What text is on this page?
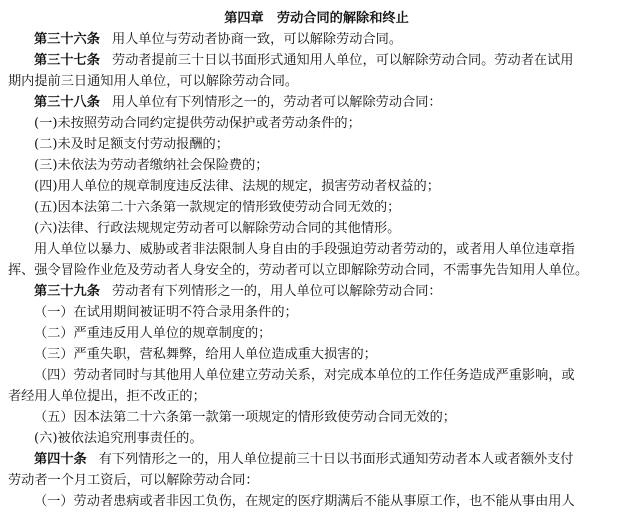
第四章　劳动合同的解除和终止
第三十六条 用人单位与劳动者协商一致，可以解除劳动合同。
第三十七条 劳动者提前三十日以书面形式通知用人单位，可以解除劳动合同。劳动者在试用
期内提前三日通知用人单位，可以解除劳动合同。
第三十八条 用人单位有下列情形之一的，劳动者可以解除劳动合同：
(一)未按照劳动合同约定提供劳动保护或者劳动条件的；
(二)未及时足额支付劳动报酬的；
(三)未依法为劳动者缴纳社会保险费的；
(四)用人单位的规章制度违反法律、法规的规定，损害劳动者权益的；
(五)因本法第二十六条第一款规定的情形致使劳动合同无效的；
(六)法律、行政法规规定劳动者可以解除劳动合同的其他情形。
用人单位以暴力、威胁或者非法限制人身自由的手段强迫劳动者劳动的，或者用人单位违章指
挥、强令冒险作业危及劳动者人身安全的，劳动者可以立即解除劳动合同，不需事先告知用人单位。
第三十九条 劳动者有下列情形之一的，用人单位可以解除劳动合同：
（一）在试用期间被证明不符合录用条件的；
（二）严重违反用人单位的规章制度的；
（三）严重失职，营私舞弊，给用人单位造成重大损害的；
（四）劳动者同时与其他用人单位建立劳动关系，对完成本单位的工作任务造成严重影响，或
者经用人单位提出，拒不改正的；
（五）因本法第二十六条第一款第一项规定的情形致使劳动合同无效的；
(六)被依法追究刑事责任的。
第四十条 有下列情形之一的，用人单位提前三十日以书面形式通知劳动者本人或者额外支付
劳动者一个月工资后，可以解除劳动合同：
（一）劳动者患病或者非因工负伤，在规定的医疗期满后不能从事原工作，也不能从事由用人
